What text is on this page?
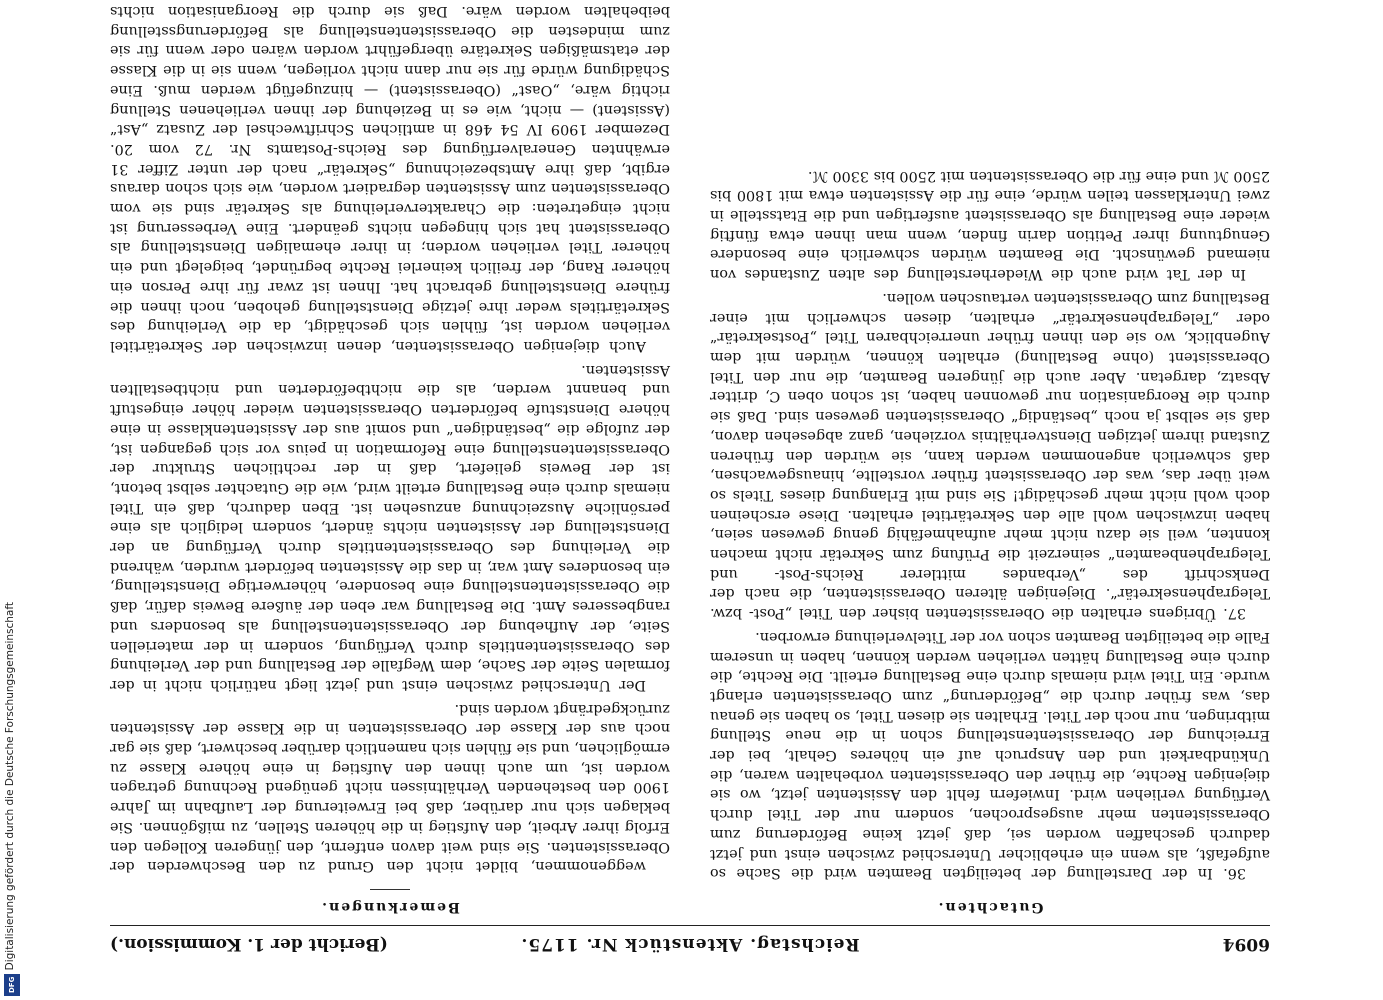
Digitalisierung gefördert durch die Deutsche Forschungsgemeinschaft
DFG
6094
Reichstag. Aktenstück Nr. 1175.
(Bericht der 1. Kommission.)
Gutachten.

36. In der Darstellung der beteiligten Beamten wird die Sache so aufgefaßt, als wenn ein erheblicher Unterschied zwischen einst und jetzt dadurch geschaffen worden sei, daß jetzt keine Beförderung zum Oberassistenten mehr ausgesprochen, sondern nur der Titel durch Verfügung verliehen wird. Inwiefern fehlt den Assistenten jetzt, wo sie diejenigen Rechte, die früher den Oberassistenten vorbehalten waren, die Unkündbarkeit und den Anspruch auf ein höheres Gehalt, bei der Erreichung der Oberassistentenstellung schon in die neue Stellung mitbringen, nur noch der Titel. Erhalten sie diesen Titel, so haben sie genau das, was früher durch die „Beförderung“ zum Oberassistenten erlangt wurde. Ein Titel wird niemals durch eine Bestallung erteilt. Die Rechte, die durch eine Bestallung hätten verliehen werden können, haben in unserem Falle die beteiligten Beamten schon vor der Titelverleihung erworben.

37. Übrigens erhalten die Oberassistenten bisher den Titel „Post- bzw. Telegraphensekretär“. Diejenigen älteren Oberassistenten, die nach der Denkschrift des „Verbandes mittlerer Reichs-Post- und Telegraphenbeamten“ seinerzeit die Prüfung zum Sekretär nicht machen konnten, weil sie dazu nicht mehr aufnahmefähig genug gewesen seien, haben inzwischen wohl alle den Sekretärtitel erhalten. Diese erscheinen doch wohl nicht mehr geschädigt! Sie sind mit Erlangung dieses Titels so weit über das, was der Oberassistent früher vorstellte, hinausgewachsen, daß schwerlich angenommen werden kann, sie würden den früheren Zustand ihrem jetzigen Dienstverhältnis vorziehen, ganz abgesehen davon, daß sie selbst ja noch „beständig“ Oberassistenten gewesen sind. Daß sie durch die Reorganisation nur gewonnen haben, ist schon oben C, dritter Absatz, dargetan. Aber auch die jüngeren Beamten, die nur den Titel Oberassistent (ohne Bestallung) erhalten können, würden mit dem Augenblick, wo sie den ihnen früher unerreichbaren Titel „Postsekretär“ oder „Telegraphensekretär“ erhalten, diesen schwerlich mit einer Bestallung zum Oberassistenten vertauschen wollen.

In der Tat wird auch die Wiederherstellung des alten Zustandes von niemand gewünscht. Die Beamten würden schwerlich eine besondere Genugtuung ihrer Petition darin finden, wenn man ihnen etwa fünftig wieder eine Bestallung als Oberassistent ausfertigen und die Etatsstelle in zwei Unterklassen teilen würde, eine für die Assistenten etwa mit 1800 bis 2500 ℳ und eine für die Oberassistenten mit 2500 bis 3300 ℳ.

Bemerkungen.

weggenommen, bildet nicht den Grund zu den Beschwerden der Oberassistenten. Sie sind weit davon entfernt, den jüngeren Kollegen den Erfolg ihrer Arbeit, den Aufstieg in die höheren Stellen, zu mißgönnen. Sie beklagen sich nur darüber, daß bei Erweiterung der Laufbahn im Jahre 1900 den bestehenden Verhältnissen nicht genügend Rechnung getragen worden ist, um auch ihnen den Aufstieg in eine höhere Klasse zu ermöglichen, und sie fühlen sich namentlich darüber beschwert, daß sie gar noch aus der Klasse der Oberassistenten in die Klasse der Assistenten zurückgedrängt worden sind.

Der Unterschied zwischen einst und jetzt liegt natürlich nicht in der formalen Seite der Sache, dem Wegfalle der Bestallung und der Verleihung des Oberassistententitels durch Verfügung, sondern in der materiellen Seite, der Aufhebung der Oberassistentenstellung als besonders und rangbesseres Amt. Die Bestallung war eben der äußere Beweis dafür, daß die Oberassistentenstellung eine besondere, höherwertige Dienststellung, ein besonderes Amt war, in das die Assistenten befördert wurden, während die Verleihung des Oberassistententitels durch Verfügung an der Dienststellung der Assistenten nichts ändert, sondern lediglich als eine persönliche Auszeichnung anzusehen ist. Eben dadurch, daß ein Titel niemals durch eine Bestallung erteilt wird, wie die Gutachter selbst betont, ist der Beweis geliefert, daß in der rechtlichen Struktur der Oberassistentenstellung eine Reformation in peius vor sich gegangen ist, der zufolge die „beständigen“ und somit aus der Assistentenklasse in eine höhere Dienststufe beförderten Oberassistenten wieder höher eingestuft und benannt werden, als die nichtbeförderten und nichtbestallten Assistenten.

Auch diejenigen Oberassistenten, denen inzwischen der Sekretärtitel verliehen worden ist, fühlen sich geschädigt, da die Verleihung des Sekretärtitels weder ihre jetzige Dienststellung gehoben, noch ihnen die frühere Dienststellung gebracht hat. Ihnen ist zwar für ihre Person ein höherer Rang, der freilich keinerlei Rechte begründet, beigelegt und ein höherer Titel verliehen worden; in ihrer ehemaligen Dienststellung als Oberassistent hat sich hingegen nichts geändert. Eine Verbesserung ist nicht eingetreten: die Charakterverleihung als Sekretär sind sie vom Oberassistenten zum Assistenten degradiert worden, wie sich schon daraus ergibt, daß ihre Amtsbezeichnung „Sekretär“ nach der unter Ziffer 31 erwähnten Generalverfügung des Reichs-Postamts Nr. 72 vom 20. Dezember 1909 IV 54 468 in amtlichen Schriftwechsel der Zusatz „Ast“ (Assistent) — nicht, wie es in Beziehung der ihnen verliehenen Stellung richtig wäre, „Oast“ (Oberassistent) — hinzugefügt werden muß. Eine Schädigung würde für sie nur dann nicht vorliegen, wenn sie in die Klasse der etatsmäßigen Sekretäre übergeführt worden wären oder wenn für sie zum mindesten die Oberassistentenstellung als Beförderungsstellung beibehalten worden wäre. Daß sie durch die Reorganisation nichts
